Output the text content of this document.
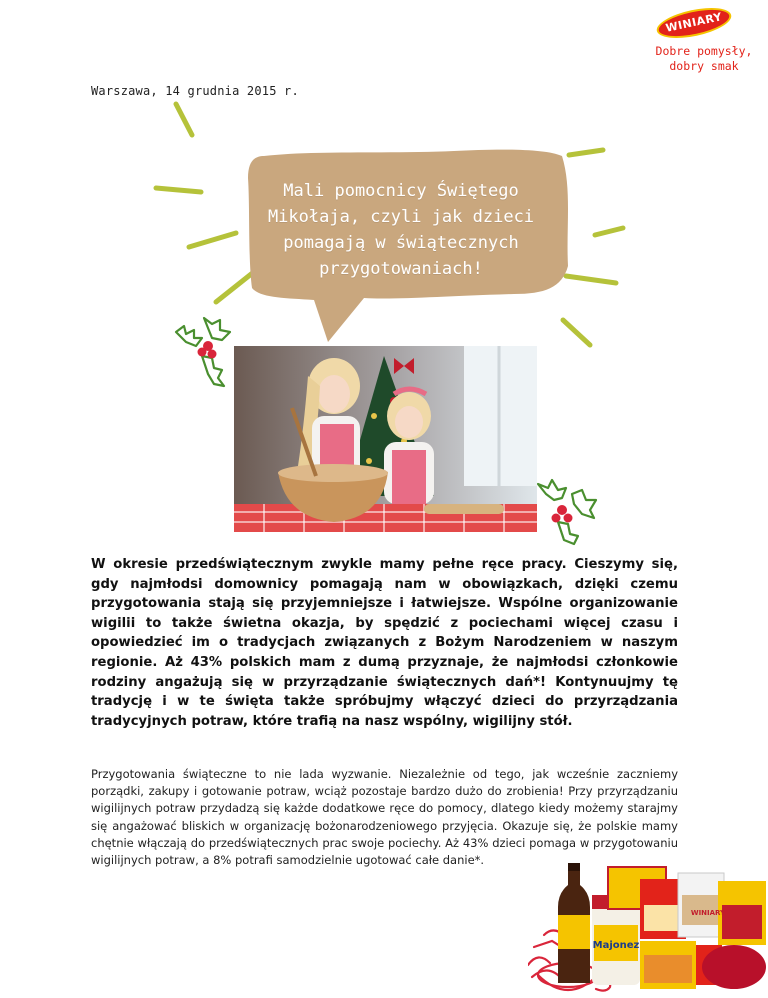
WINIARY
Dobre pomysły,
dobry smak
Warszawa, 14 grudnia 2015 r.
Mali pomocnicy Świętego
Mikołaja, czyli jak dzieci
pomagają w świątecznych
przygotowaniach!

W okresie przedświątecznym zwykle mamy pełne ręce pracy. Cieszymy się, gdy najmłodsi domownicy pomagają nam w obowiązkach, dzięki czemu przygotowania stają się przyjemniejsze i łatwiejsze. Wspólne organizowanie wigilii to także świetna okazja, by spędzić z pociechami więcej czasu i opowiedzieć im o tradycjach związanych z Bożym Narodzeniem w naszym regionie. Aż 43% polskich mam z dumą przyznaje, że najmłodsi członkowie rodziny angażują się w przyrządzanie świątecznych dań*! Kontynuujmy tę tradycję i w te święta także spróbujmy włączyć dzieci do przyrządzania tradycyjnych potraw, które trafią na nasz wspólny, wigilijny stół.

Przygotowania świąteczne to nie lada wyzwanie. Niezależnie od tego, jak wcześnie zaczniemy porządki, zakupy i gotowanie potraw, wciąż pozostaje bardzo dużo do zrobienia! Przy przyrządzaniu wigilijnych potraw przydadzą się każde dodatkowe ręce do pomocy, dlatego kiedy możemy starajmy się angażować bliskich w organizację bożonarodzeniowego przyjęcia. Okazuje się, że polskie mamy chętnie włączają do przedświątecznych prac swoje pociechy. Aż 43% dzieci pomaga w przygotowaniu wigilijnych potraw, a 8% potrafi samodzielnie ugotować całe danie*.

Majonez
WINIARY
